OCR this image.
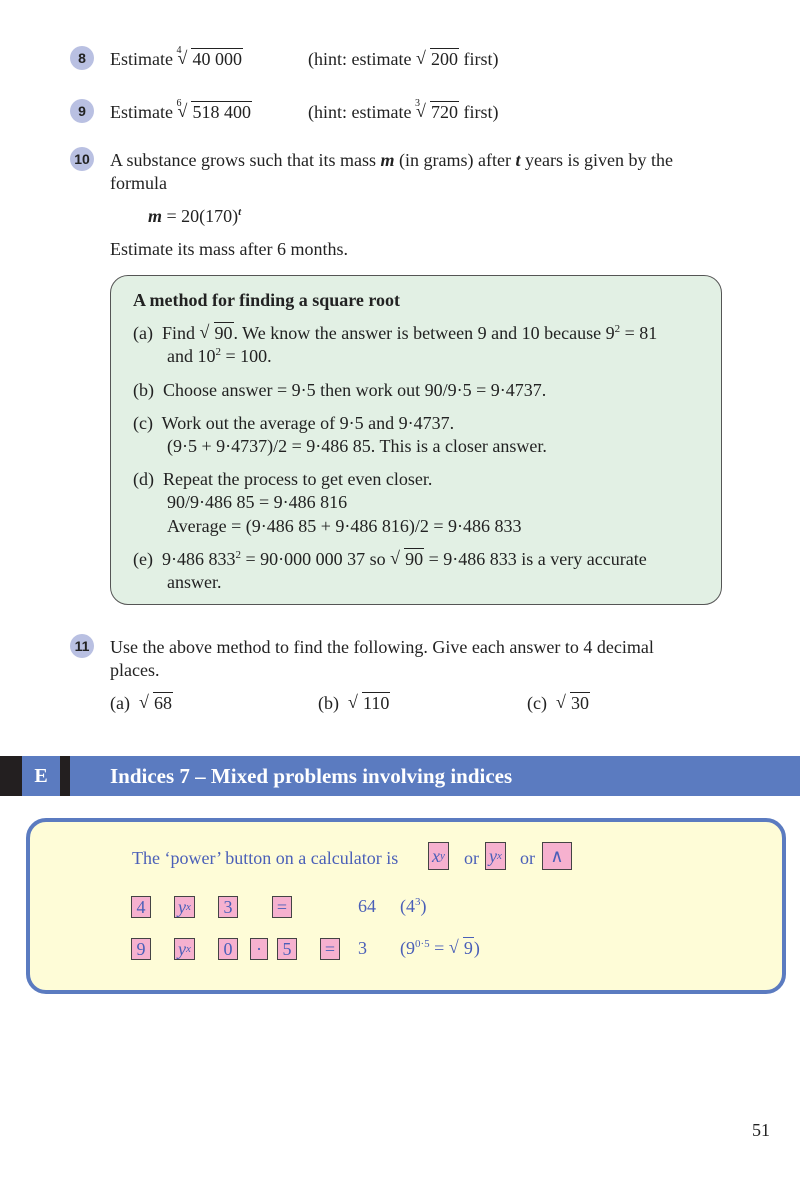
8	Estimate √ 4 40 000	(hint: estimate √ 200 first)
9	Estimate √ 6 518 400	(hint: estimate √ 3 720 first)
10 A substance grows such that its mass m (in grams) after t years is given by the
formula
$m = 20(170)^t$
Estimate its mass after 6 months.
A method for finding a square root
(a) Find √ 90. We know the answer is between 9 and 10 because $9^2 = 81$
and $10^2 = 100$.
(b) Choose answer = 9·5 then work out 90/9·5 = 9·4737.
(c) Work out the average of 9·5 and 9·4737.
(9·5 + 9·4737)/2 = 9·486 85. This is a closer answer.
(d) Repeat the process to get even closer.
90/9·486 85 = 9·486 816
Average = (9·486 85 + 9·486 816)/2 = 9·486 833
(e) 9·486 $833^2 = 90\cdot 000$ 000 37 so √ 90 = 9·486 833 is a very accurate
answer.
11 Use the above method to find the following. Give each answer to 4 decimal
places.
(a) √ 68	(b) √ 110	(c) √ 30
E	Indices 7 – Mixed problems involving indices
The ‘power’ button on a calculator is x y or y x or ∧
4	y x	3	=	64 $(4^3)$
9	y x	0	·	5	= 3 ($9^{0\cdot 5}$ = √ 9)
51
